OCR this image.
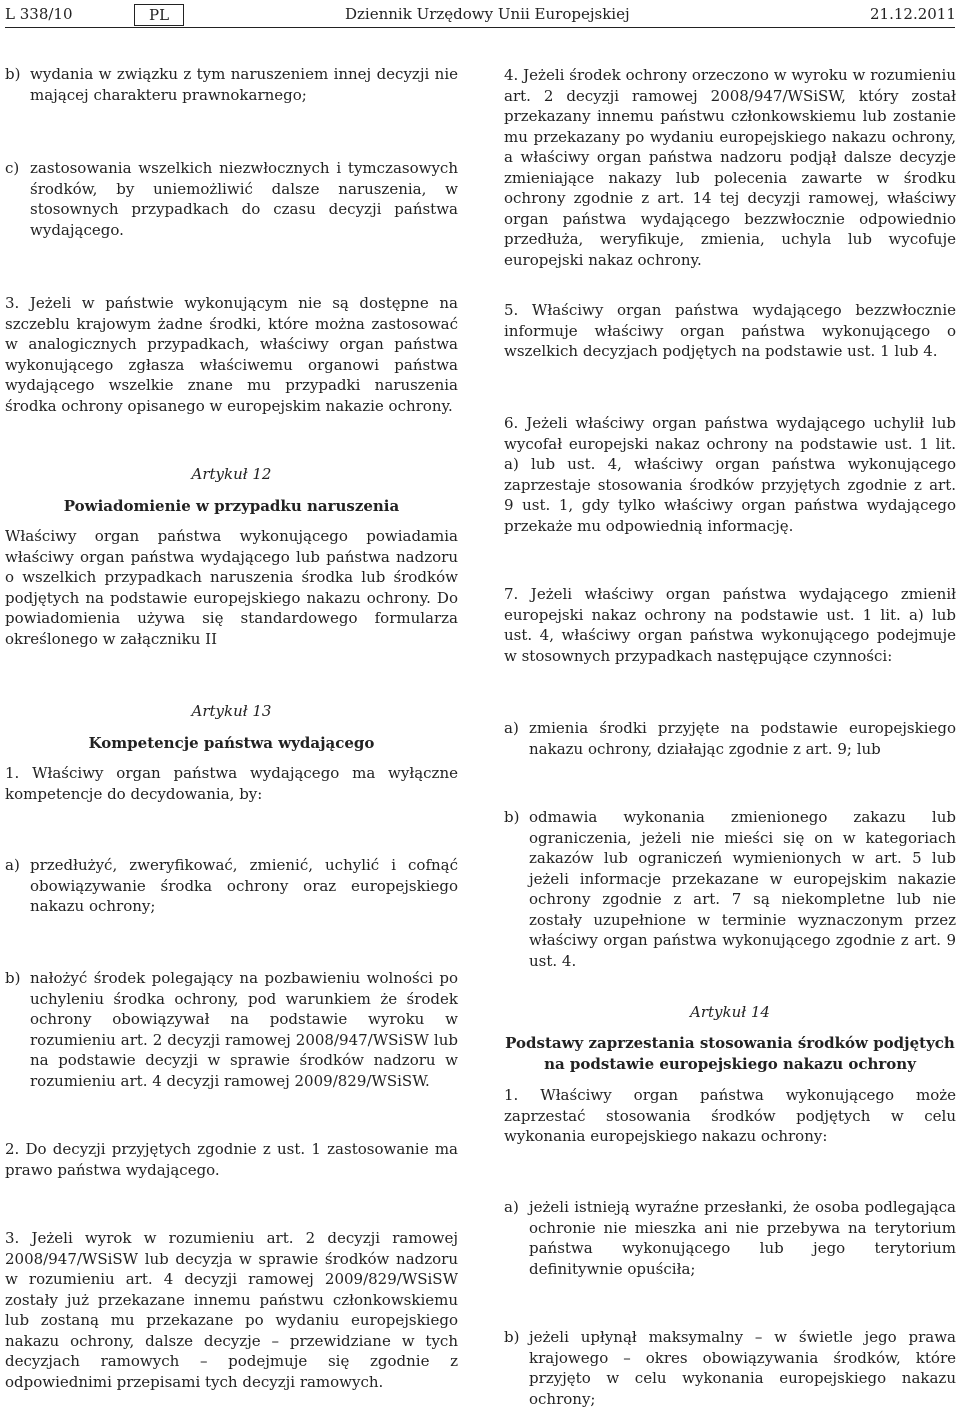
L 338/10	PL	Dziennik Urzędowy Unii Europejskiej	21.12.2011
b) wydania w związku z tym naruszeniem innej decyzji nie mającej charakteru prawnokarnego;
c) zastosowania wszelkich niezwłocznych i tymczasowych środków, by uniemożliwić dalsze naruszenia, w stosownych przypadkach do czasu decyzji państwa wydającego.

3. Jeżeli w państwie wykonującym nie są dostępne na szczeblu krajowym żadne środki, które można zastosować w analogicznych przypadkach, właściwy organ państwa wykonującego zgłasza właściwemu organowi państwa wydającego wszelkie znane mu przypadki naruszenia środka ochrony opisanego w europejskim nakazie ochrony.

Artykuł 12

Powiadomienie w przypadku naruszenia

Właściwy organ państwa wykonującego powiadamia właściwy organ państwa wydającego lub państwa nadzoru o wszelkich przypadkach naruszenia środka lub środków podjętych na podstawie europejskiego nakazu ochrony. Do powiadomienia używa się standardowego formularza określonego w załączniku II

Artykuł 13

Kompetencje państwa wydającego

1. Właściwy organ państwa wydającego ma wyłączne kompetencje do decydowania, by:

a) przedłużyć, zweryfikować, zmienić, uchylić i cofnąć obowiązywanie środka ochrony oraz europejskiego nakazu ochrony;
b) nałożyć środek polegający na pozbawieniu wolności po uchyleniu środka ochrony, pod warunkiem że środek ochrony obowiązywał na podstawie wyroku w rozumieniu art. 2 decyzji ramowej 2008/947/WSiSW lub na podstawie decyzji w sprawie środków nadzoru w rozumieniu art. 4 decyzji ramowej 2009/829/WSiSW.

2. Do decyzji przyjętych zgodnie z ust. 1 zastosowanie ma prawo państwa wydającego.

3. Jeżeli wyrok w rozumieniu art. 2 decyzji ramowej 2008/947/WSiSW lub decyzja w sprawie środków nadzoru w rozumieniu art. 4 decyzji ramowej 2009/829/WSiSW zostały już przekazane innemu państwu członkowskiemu lub zostaną mu przekazane po wydaniu europejskiego nakazu ochrony, dalsze decyzje – przewidziane w tych decyzjach ramowych – podejmuje się zgodnie z odpowiednimi przepisami tych decyzji ramowych.

4. Jeżeli środek ochrony orzeczono w wyroku w rozumieniu art. 2 decyzji ramowej 2008/947/WSiSW, który został przekazany innemu państwu członkowskiemu lub zostanie mu przekazany po wydaniu europejskiego nakazu ochrony, a właściwy organ państwa nadzoru podjął dalsze decyzje zmieniające nakazy lub polecenia zawarte w środku ochrony zgodnie z art. 14 tej decyzji ramowej, właściwy organ państwa wydającego bezzwłocznie odpowiednio przedłuża, weryfikuje, zmienia, uchyla lub wycofuje europejski nakaz ochrony.

5. Właściwy organ państwa wydającego bezzwłocznie informuje właściwy organ państwa wykonującego o wszelkich decyzjach podjętych na podstawie ust. 1 lub 4.

6. Jeżeli właściwy organ państwa wydającego uchylił lub wycofał europejski nakaz ochrony na podstawie ust. 1 lit. a) lub ust. 4, właściwy organ państwa wykonującego zaprzestaje stosowania środków przyjętych zgodnie z art. 9 ust. 1, gdy tylko właściwy organ państwa wydającego przekaże mu odpowiednią informację.

7. Jeżeli właściwy organ państwa wydającego zmienił europejski nakaz ochrony na podstawie ust. 1 lit. a) lub ust. 4, właściwy organ państwa wykonującego podejmuje w stosownych przypadkach następujące czynności:

a) zmienia środki przyjęte na podstawie europejskiego nakazu ochrony, działając zgodnie z art. 9; lub
b) odmawia wykonania zmienionego zakazu lub ograniczenia, jeżeli nie mieści się on w kategoriach zakazów lub ograniczeń wymienionych w art. 5 lub jeżeli informacje przekazane w europejskim nakazie ochrony zgodnie z art. 7 są niekompletne lub nie zostały uzupełnione w terminie wyznaczonym przez właściwy organ państwa wykonującego zgodnie z art. 9 ust. 4.

Artykuł 14

Podstawy zaprzestania stosowania środków podjętych na podstawie europejskiego nakazu ochrony

1. Właściwy organ państwa wykonującego może zaprzestać stosowania środków podjętych w celu wykonania europejskiego nakazu ochrony:

a) jeżeli istnieją wyraźne przesłanki, że osoba podlegająca ochronie nie mieszka ani nie przebywa na terytorium państwa wykonującego lub jego terytorium definitywnie opuściła;
b) jeżeli upłynął maksymalny – w świetle jego prawa krajowego – okres obowiązywania środków, które przyjęto w celu wykonania europejskiego nakazu ochrony;
